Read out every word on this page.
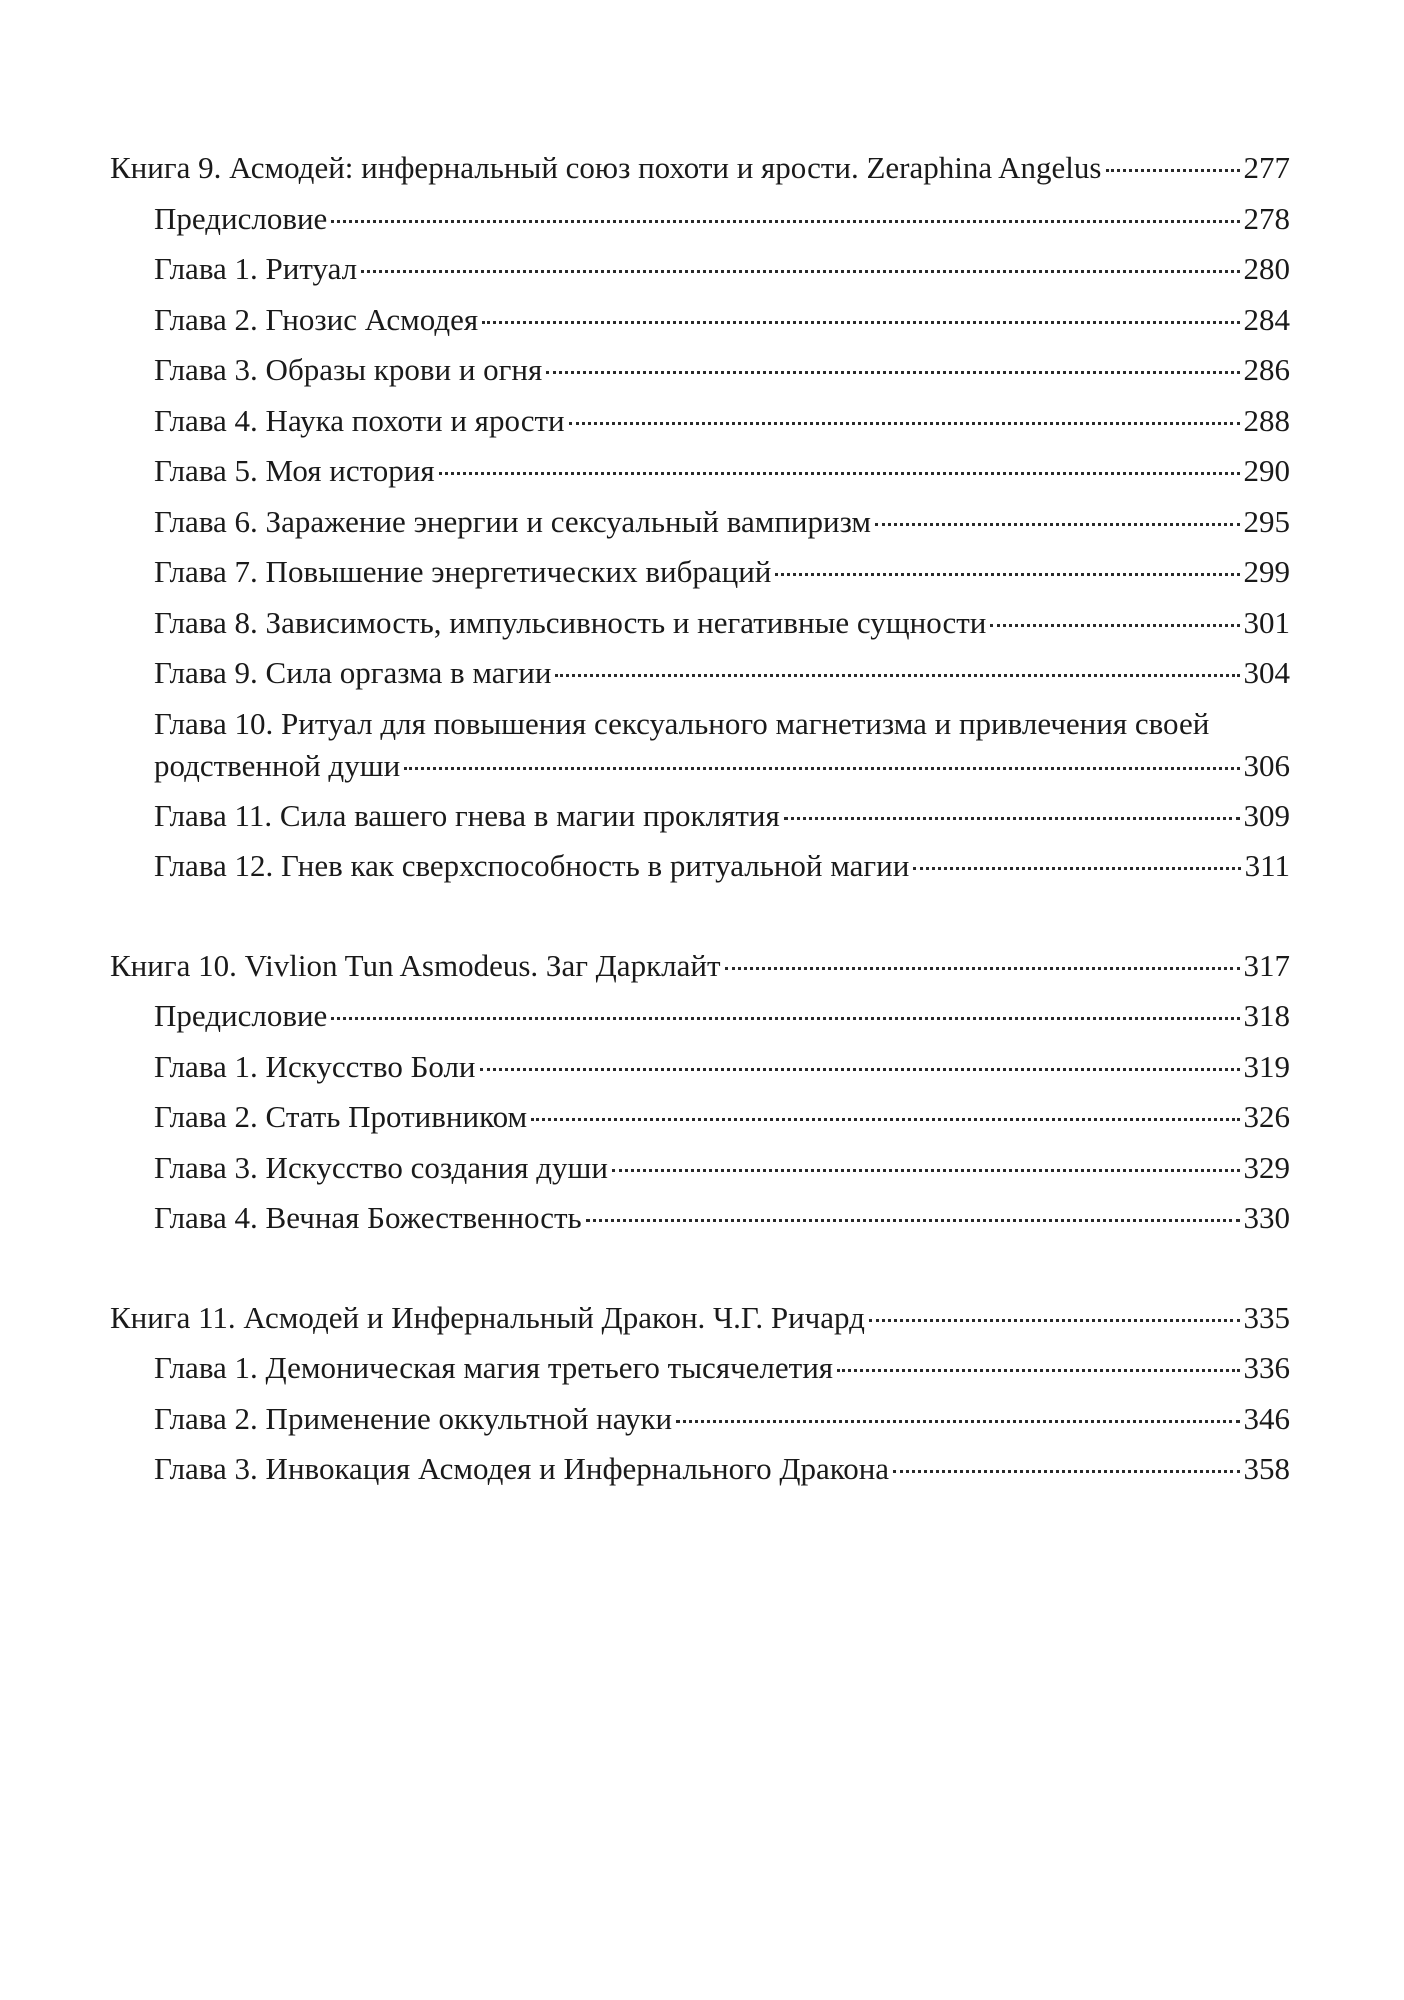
Книга 9. Асмодей: инфернальный союз похоти и ярости. Zeraphina Angelus	277
Предисловие	278
Глава 1. Ритуал	280
Глава 2. Гнозис Асмодея	284
Глава 3. Образы крови и огня	286
Глава 4. Наука похоти и ярости	288
Глава 5. Моя история	290
Глава 6. Заражение энергии и сексуальный вампиризм	295
Глава 7. Повышение энергетических вибраций	299
Глава 8. Зависимость, импульсивность и негативные сущности	301
Глава 9. Сила оргазма в магии	304
Глава 10. Ритуал для повышения сексуального магнетизма и привлечения своей
родственной души	306
Глава 11. Сила вашего гнева в магии проклятия	309
Глава 12. Гнев как сверхспособность в ритуальной магии	311
Книга 10. Vivlion Tun Asmodeus. Заг Дарклайт	317
Предисловие	318
Глава 1. Искусство Боли	319
Глава 2. Стать Противником	326
Глава 3. Искусство создания души	329
Глава 4. Вечная Божественность	330
Книга 11. Асмодей и Инфернальный Дракон. Ч.Г. Ричард	335
Глава 1. Демоническая магия третьего тысячелетия	336
Глава 2. Применение оккультной науки	346
Глава 3. Инвокация Асмодея и Инфернального Дракона	358
